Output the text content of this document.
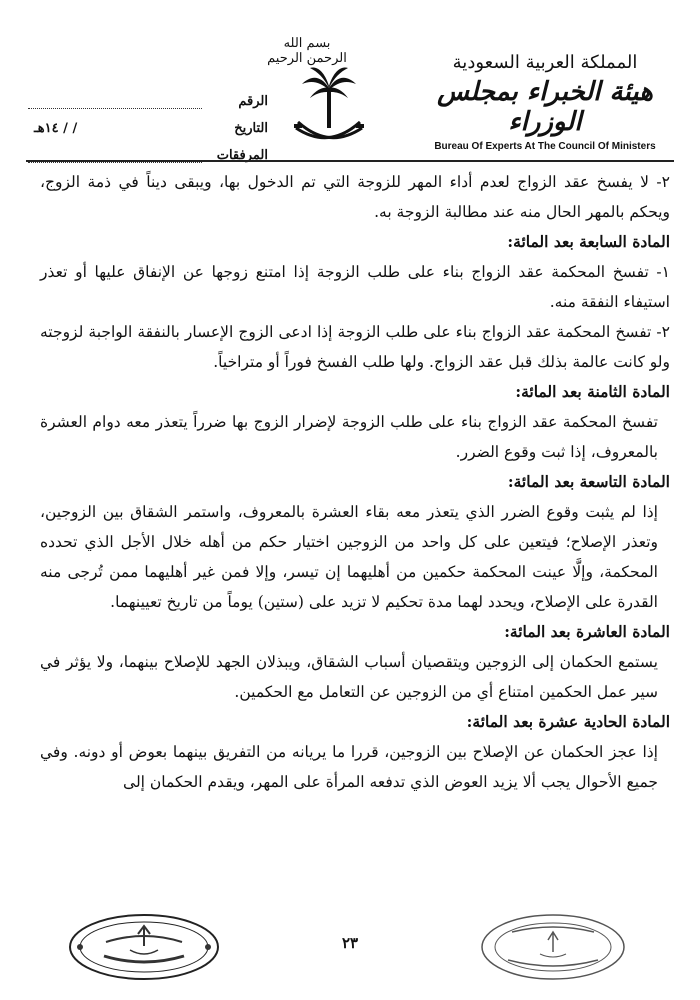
بسم الله الرحمن الرحيم	المملكة العربية السعودية
هيئة الخبراء بمجلس الوزراء
Bureau Of Experts At The Council Of Ministers
الرقم
التاريخ
/ / ١٤هـ
المرفقات

٢- لا يفسخ عقد الزواج لعدم أداء المهر للزوجة التي تم الدخول بها، ويبقى ديناً في ذمة الزوج، ويحكم بالمهر الحال منه عند مطالبة الزوجة به.

المادة السابعة بعد المائة:

١- تفسخ المحكمة عقد الزواج بناء على طلب الزوجة إذا امتنع زوجها عن الإنفاق عليها أو تعذر استيفاء النفقة منه.

٢- تفسخ المحكمة عقد الزواج بناء على طلب الزوجة إذا ادعى الزوج الإعسار بالنفقة الواجبة لزوجته ولو كانت عالمة بذلك قبل عقد الزواج. ولها طلب الفسخ فوراً أو متراخياً.

المادة الثامنة بعد المائة:

تفسخ المحكمة عقد الزواج بناء على طلب الزوجة لإضرار الزوج بها ضرراً يتعذر معه دوام العشرة بالمعروف، إذا ثبت وقوع الضرر.

المادة التاسعة بعد المائة:

إذا لم يثبت وقوع الضرر الذي يتعذر معه بقاء العشرة بالمعروف، واستمر الشقاق بين الزوجين، وتعذر الإصلاح؛ فيتعين على كل واحد من الزوجين اختيار حكم من أهله خلال الأجل الذي تحدده المحكمة، وإلَّا عينت المحكمة حكمين من أهليهما إن تيسر، وإلا فمن غير أهليهما ممن تُرجى منه القدرة على الإصلاح، ويحدد لهما مدة تحكيم لا تزيد على (ستين) يوماً من تاريخ تعيينهما.

المادة العاشرة بعد المائة:

يستمع الحكمان إلى الزوجين ويتقصيان أسباب الشقاق، ويبذلان الجهد للإصلاح بينهما، ولا يؤثر في سير عمل الحكمين امتناع أي من الزوجين عن التعامل مع الحكمين.

المادة الحادية عشرة بعد المائة:

إذا عجز الحكمان عن الإصلاح بين الزوجين، قررا ما يريانه من التفريق بينهما بعوض أو دونه. وفي جميع الأحوال يجب ألا يزيد العوض الذي تدفعه المرأة على المهر، ويقدم الحكمان إلى

٢٣
